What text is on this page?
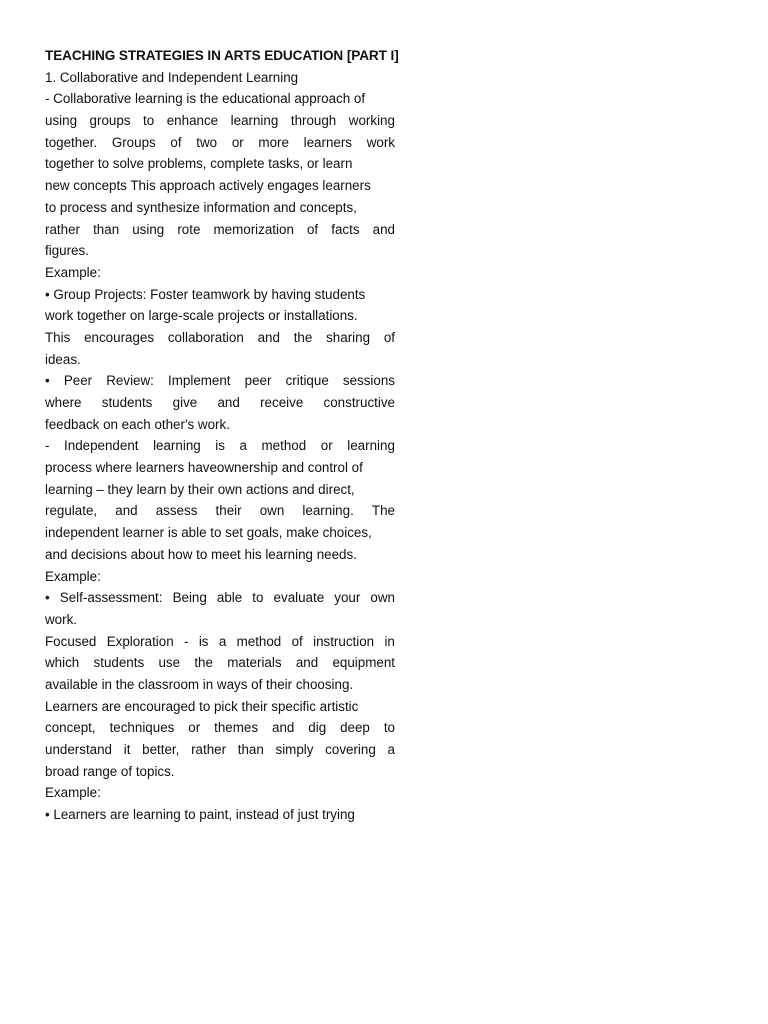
TEACHING STRATEGIES IN ARTS EDUCATION [PART I]
1. Collaborative and Independent Learning
- Collaborative learning is the educational approach of
using groups to enhance learning through working
together. Groups of two or more learners work
together to solve problems, complete tasks, or learn
new concepts This approach actively engages learners
to process and synthesize information and concepts,
rather than using rote memorization of facts and
figures.
Example:
• Group Projects: Foster teamwork by having students
work together on large-scale projects or installations.
This encourages collaboration and the sharing of
ideas.
• Peer Review: Implement peer critique sessions
where students give and receive constructive
feedback on each other's work.
- Independent learning is a method or learning
process where learners haveownership and control of
learning – they learn by their own actions and direct,
regulate, and assess their own learning. The
independent learner is able to set goals, make choices,
and decisions about how to meet his learning needs.
Example:
• Self-assessment: Being able to evaluate your own
work.
Focused Exploration - is a method of instruction in
which students use the materials and equipment
available in the classroom in ways of their choosing.
Learners are encouraged to pick their specific artistic
concept, techniques or themes and dig deep to
understand it better, rather than simply covering a
broad range of topics.
Example:
• Learners are learning to paint, instead of just trying
